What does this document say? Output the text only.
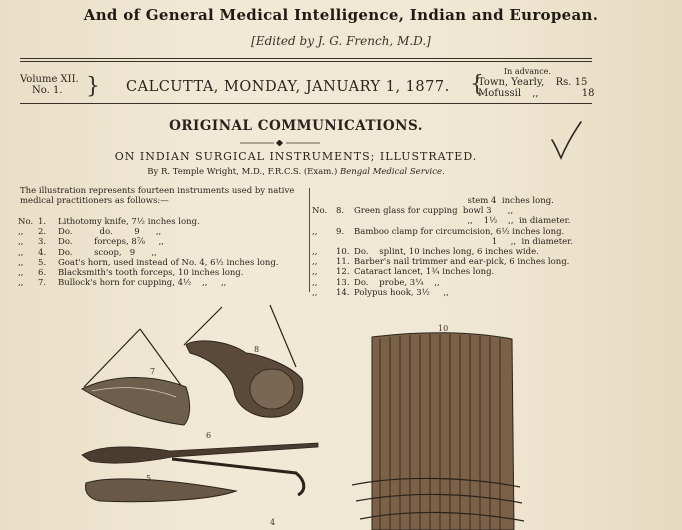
And of General Medical Intelligence, Indian and European.
[Edited by J. G. French, M.D.]
Volume XII.
No. 1.	} CALCUTTA, MONDAY, JANUARY 1, 1877. {
In advance.
Town, Yearly, Rs. 15
Mofussil ,,	18
ORIGINAL COMMUNICATIONS.
ON INDIAN SURGICAL INSTRUMENTS; ILLUSTRATED.
By R. Temple Wright, M.D., F.R.C.S. (Exam.) Bengal Medical Service.
The illustration represents fourteen instruments used by native medical practitioners as follows:—
No. 1. Lithotomy knife, 7½ inches long.
,, 2. Do.          do.        9      ,,
,, 3. Do.        forceps, 8⅞     ,,
,, 4. Do.        scoop,   9      ,,
,, 5. Goat's horn, used instead of No. 4, 6½ inches long.
,, 6. Blacksmith's tooth forceps, 10 inches long.
,, 7. Bullock's horn for cupping, 4½    ,,     ,,
stem 4  inches long.
No. 8. Green glass for cupping  bowl 3      ,,
,,    1½    ,,  in diameter.
,, 9. Bamboo clamp for circumcision, 6½ inches long.
1     ,,  in diameter.
,, 10. Do.    splint, 10 inches long, 6 inches wide.
,, 11. Barber's nail trimmer and ear-pick, 6 inches long.
,, 12. Cataract lancet, 1¾ inches long.
,, 13. Do.    probe, 3¼    ,,
,, 14. Polypus hook, 3½     ,,
7
8
6
5
10
4
